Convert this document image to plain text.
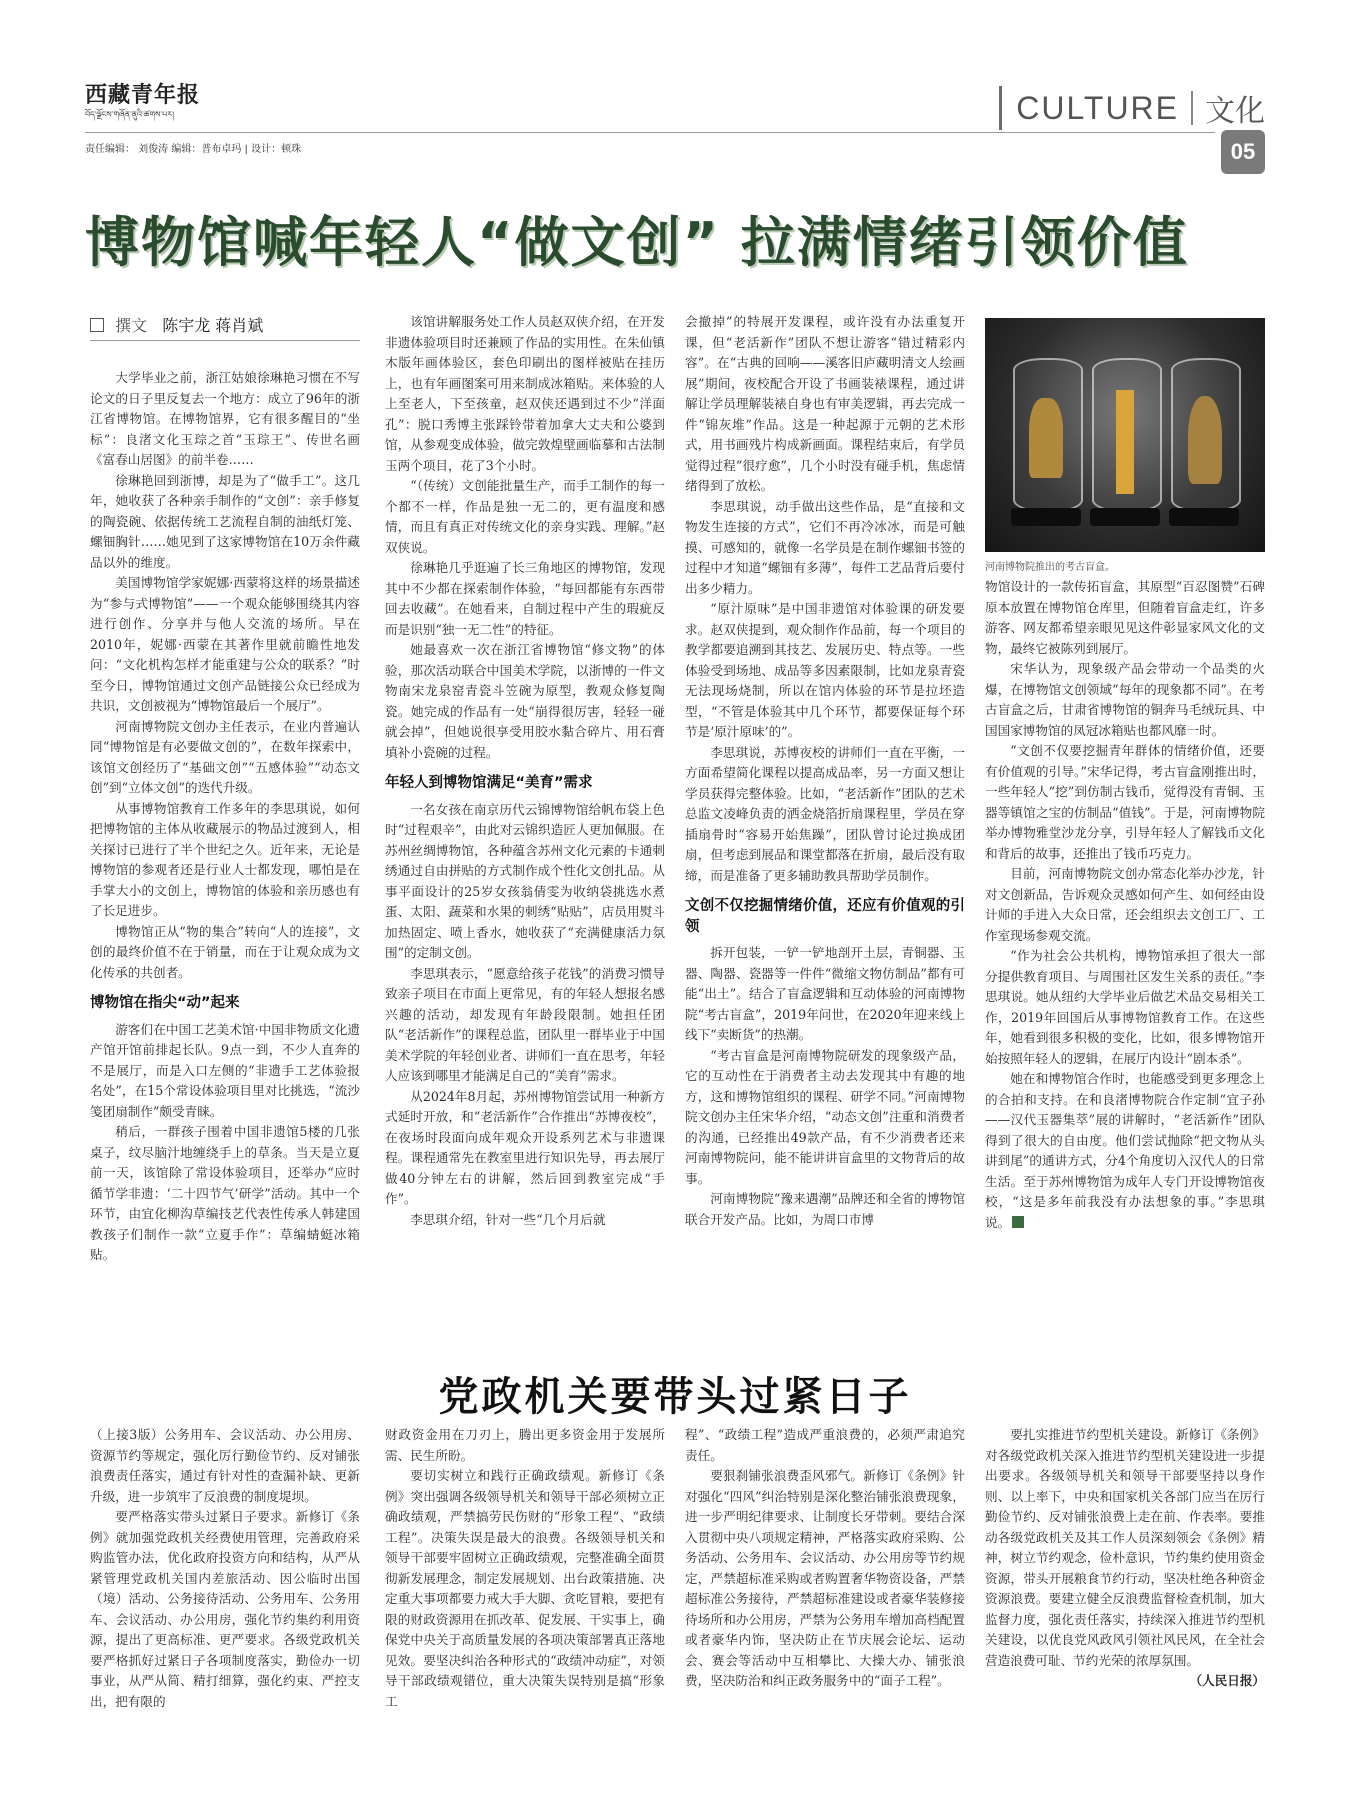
西藏青年报
བོད་ལྗོངས་གཞོན་ནུའི་ཚགས་པར།	CULTURE 文化
05
责任编辑： 刘俊涛 编辑：普布卓玛 | 设计：顿珠
博物馆喊年轻人“做文创” 拉满情绪引领价值
撰文 陈宇龙 蒋肖斌

大学毕业之前，浙江姑娘徐琳艳习惯在不写论文的日子里反复去一个地方：成立了96年的浙江省博物馆。在博物馆界，它有很多醒目的“坐标”：良渚文化玉琮之首“玉琮王”、传世名画《富春山居图》的前半卷……

徐琳艳回到浙博，却是为了“做手工”。这几年，她收获了各种亲手制作的“文创”：亲手修复的陶瓷碗、依据传统工艺流程自制的油纸灯笼、螺钿胸针……她见到了这家博物馆在10万余件藏品以外的维度。

美国博物馆学家妮娜·西蒙将这样的场景描述为“参与式博物馆”——一个观众能够围绕其内容进行创作、分享并与他人交流的场所。早在2010年，妮娜·西蒙在其著作里就前瞻性地发问：“文化机构怎样才能重建与公众的联系？”时至今日，博物馆通过文创产品链接公众已经成为共识，文创被视为“博物馆最后一个展厅”。

河南博物院文创办主任表示，在业内普遍认同“博物馆是有必要做文创的”，在数年探索中，该馆文创经历了“基础文创”“五感体验”“动态文创”到“立体文创”的迭代升级。

从事博物馆教育工作多年的李思琪说，如何把博物馆的主体从收藏展示的物品过渡到人，相关探讨已进行了半个世纪之久。近年来，无论是博物馆的参观者还是行业人士都发现，哪怕是在手掌大小的文创上，博物馆的体验和亲历感也有了长足进步。

博物馆正从“物的集合”转向“人的连接”，文创的最终价值不在于销量，而在于让观众成为文化传承的共创者。

博物馆在指尖“动”起来

游客们在中国工艺美术馆·中国非物质文化遗产馆开馆前排起长队。9点一到，不少人直奔的不是展厅，而是入口左侧的“非遗手工艺体验报名处”，在15个常设体验项目里对比挑选，“流沙笺团扇制作”颇受青睐。

稍后，一群孩子围着中国非遗馆5楼的几张桌子，纹尽脑汁地缠绕手上的草条。当天是立夏前一天，该馆除了常设体验项目，还举办“应时循节学非遗：‘二十四节气’研学”活动。其中一个环节，由宜化柳沟草编技艺代表性传承人韩建国教孩子们制作一款“立夏手作”：草编蜻蜓冰箱贴。

该馆讲解服务处工作人员赵双侠介绍，在开发非遗体验项目时还兼顾了作品的实用性。在朱仙镇木版年画体验区，套色印刷出的图样被贴在挂历上，也有年画图案可用来制成冰箱贴。来体验的人上至老人，下至孩童，赵双侠还遇到过不少“洋面孔”：脱口秀博主张踩铃带着加拿大丈夫和公婆到馆，从参观变成体验，做完敦煌壁画临摹和古法制玉两个项目，花了3个小时。

“（传统）文创能批量生产，而手工制作的每一个都不一样，作品是独一无二的，更有温度和感情，而且有真正对传统文化的亲身实践、理解。”赵双侠说。

徐琳艳几乎逛遍了长三角地区的博物馆，发现其中不少都在探索制作体验，“每回都能有东西带回去收藏”。在她看来，自制过程中产生的瑕疵反而是识别“独一无二性”的特征。

她最喜欢一次在浙江省博物馆“修文物”的体验，那次活动联合中国美术学院，以浙博的一件文物南宋龙泉窑青瓷斗笠碗为原型，教观众修复陶瓷。她完成的作品有一处“崩得很厉害，轻轻一碰就会掉”，但她说很享受用胶水黏合碎片、用石膏填补小瓷碗的过程。

年轻人到博物馆满足“美育”需求

一名女孩在南京历代云锦博物馆给帆布袋上色时“过程艰辛”，由此对云锦织造匠人更加佩服。在苏州丝绸博物馆，各种蕴含苏州文化元素的卡通刺绣通过自由拼贴的方式制作成个性化文创扎品。从事平面设计的25岁女孩翁倩雯为收纳袋挑选水煮蛋、太阳、蔬菜和水果的刺绣“贴贴”，店员用熨斗加热固定、喷上香水，她收获了“充满健康活力氛围”的定制文创。

李思琪表示，“愿意给孩子花钱”的消费习惯导致亲子项目在市面上更常见，有的年轻人想报名感兴趣的活动，却发现有年龄段限制。她担任团队“老活新作”的课程总监，团队里一群毕业于中国美术学院的年轻创业者、讲师们一直在思考，年轻人应该到哪里才能满足自己的“美育”需求。

从2024年8月起，苏州博物馆尝试用一种新方式延时开放，和“老活新作”合作推出“苏博夜校”，在夜场时段面向成年观众开设系列艺术与非遗课程。课程通常先在教室里进行知识先导，再去展厅做40分钟左右的讲解，然后回到教室完成“手作”。

李思琪介绍，针对一些“几个月后就

会撤掉”的特展开发课程，或许没有办法重复开课，但“老活新作”团队不想让游客“错过精彩内容”。在“古典的回响——溪客旧庐藏明清文人绘画展”期间，夜校配合开设了书画装裱课程，通过讲解让学员理解装裱自身也有审美逻辑，再去完成一件“锦灰堆”作品。这是一种起源于元朝的艺术形式，用书画残片构成新画面。课程结束后，有学员觉得过程“很疗愈”，几个小时没有碰手机，焦虑情绪得到了放松。

李思琪说，动手做出这些作品，是“直接和文物发生连接的方式”，它们不再冷冰冰，而是可触摸、可感知的，就像一名学员是在制作螺钿书签的过程中才知道“螺钿有多薄”，每件工艺品背后要付出多少精力。

“原汁原味”是中国非遗馆对体验课的研发要求。赵双侠提到，观众制作作品前，每一个项目的教学都要追溯到其技艺、发展历史、特点等。一些体验受到场地、成品等多因素限制，比如龙泉青瓷无法现场烧制，所以在馆内体验的环节是拉坯造型，“不管是体验其中几个环节，都要保证每个环节是‘原汁原味’的”。

李思琪说，苏博夜校的讲师们一直在平衡，一方面希望简化课程以提高成品率，另一方面又想让学员获得完整体验。比如，“老活新作”团队的艺术总监文凌峰负责的洒金烧箔折扇课程里，学员在穿插扇骨时“容易开始焦躁”，团队曾讨论过换成团扇，但考虑到展品和课堂都落在折扇，最后没有取缔，而是准备了更多辅助教具帮助学员制作。

文创不仅挖掘情绪价值，还应有价值观的引领

拆开包装，一铲一铲地剖开土层，青铜器、玉器、陶器、瓷器等一件件“微缩文物仿制品”都有可能“出土”。结合了盲盒逻辑和互动体验的河南博物院“考古盲盒”，2019年问世，在2020年迎来线上线下“卖断货”的热潮。

“考古盲盒是河南博物院研发的现象级产品，它的互动性在于消费者主动去发现其中有趣的地方，这和博物馆组织的课程、研学不同。”河南博物院文创办主任宋华介绍，“动态文创”注重和消费者的沟通，已经推出49款产品，有不少消费者还来河南博物院问，能不能讲讲盲盒里的文物背后的故事。

河南博物院“豫来遇潮”品牌还和全省的博物馆联合开发产品。比如，为周口市博

河南博物院推出的考古盲盒。

物馆设计的一款传拓盲盒，其原型“百忍图赞”石碑原本放置在博物馆仓库里，但随着盲盒走红，许多游客、网友都希望亲眼见见这件彰显家风文化的文物，最终它被陈列到展厅。

宋华认为，现象级产品会带动一个品类的火爆，在博物馆文创领域“每年的现象都不同”。在考古盲盒之后，甘肃省博物馆的铜奔马毛绒玩具、中国国家博物馆的凤冠冰箱贴也都风靡一时。

“文创不仅要挖掘青年群体的情绪价值，还要有价值观的引导。”宋华记得，考古盲盒刚推出时，一些年轻人“挖”到仿制古钱币，觉得没有青铜、玉器等镇馆之宝的仿制品“值钱”。于是，河南博物院举办博物雅堂沙龙分享，引导年轻人了解钱币文化和背后的故事，还推出了钱币巧克力。

目前，河南博物院文创办常态化举办沙龙，针对文创新品，告诉观众灵感如何产生、如何经由设计师的手进入大众日常，还会组织去文创工厂、工作室现场参观交流。

“作为社会公共机构，博物馆承担了很大一部分提供教育项目、与周围社区发生关系的责任。”李思琪说。她从纽约大学毕业后做艺术品交易相关工作，2019年回国后从事博物馆教育工作。在这些年，她看到很多积极的变化，比如，很多博物馆开始按照年轻人的逻辑，在展厅内设计“剧本杀”。

她在和博物馆合作时，也能感受到更多理念上的合拍和支持。在和良渚博物院合作定制“宜子孙——汉代玉器集萃”展的讲解时，“老活新作”团队得到了很大的自由度。他们尝试抛除“把文物从头讲到尾”的通讲方式，分4个角度切入汉代人的日常生活。至于苏州博物馆为成年人专门开设博物馆夜校，“这是多年前我没有办法想象的事。”李思琪说。

党政机关要带头过紧日子

（上接3版）公务用车、会议活动、办公用房、资源节约等规定，强化厉行勤俭节约、反对铺张浪费责任落实，通过有针对性的查漏补缺、更新升级，进一步筑牢了反浪费的制度堤坝。

要严格落实带头过紧日子要求。新修订《条例》就加强党政机关经费使用管理，完善政府采购监管办法，优化政府投资方向和结构，从严从紧管理党政机关国内差旅活动、因公临时出国（境）活动、公务接待活动、公务用车、公务用车、会议活动、办公用房，强化节约集约利用资源，提出了更高标准、更严要求。各级党政机关要严格抓好过紧日子各项制度落实，勤俭办一切事业，从严从简、精打细算，强化约束、严控支出，把有限的

财政资金用在刀刃上，腾出更多资金用于发展所需、民生所盼。

要切实树立和践行正确政绩观。新修订《条例》突出强调各级领导机关和领导干部必须树立正确政绩观，严禁搞劳民伤财的“形象工程”、“政绩工程”。决策失误是最大的浪费。各级领导机关和领导干部要牢固树立正确政绩观，完整准确全面贯彻新发展理念，制定发展规划、出台政策措施、决定重大事项都要力戒大手大脚、贪吃冒粮，要把有限的财政资源用在抓改革、促发展、干实事上，确保党中央关于高质量发展的各项决策部署真正落地见效。要坚决纠治各种形式的“政绩冲动症”，对领导干部政绩观错位，重大决策失误特别是搞“形象工

程”、“政绩工程”造成严重浪费的，必须严肃追究责任。

要狠刹铺张浪费歪风邪气。新修订《条例》针对强化“四风”纠治特别是深化整治铺张浪费现象，进一步严明纪律要求、让制度长牙带刺。要结合深入贯彻中央八项规定精神，严格落实政府采购、公务活动、公务用车、会议活动、办公用房等节约规定，严禁超标准采购或者购置奢华物资设备，严禁超标准公务接待，严禁超标准建设或者豪华装修接待场所和办公用房，严禁为公务用车增加高档配置或者豪华内饰，坚决防止在节庆展会论坛、运动会、赛会等活动中互相攀比、大操大办、铺张浪费，坚决防治和纠正政务服务中的“面子工程”。

要扎实推进节约型机关建设。新修订《条例》对各级党政机关深入推进节约型机关建设进一步提出要求。各级领导机关和领导干部要坚持以身作则、以上率下，中央和国家机关各部门应当在厉行勤俭节约、反对铺张浪费上走在前、作表率。要推动各级党政机关及其工作人员深刻领会《条例》精神，树立节约观念，俭朴意识，节约集约使用资金资源，带头开展粮食节约行动，坚决杜绝各种资金资源浪费。要建立健全反浪费监督检查机制，加大监督力度，强化责任落实，持续深入推进节约型机关建设，以优良党风政风引领社风民风，在全社会营造浪费可耻、节约光荣的浓厚氛围。

（人民日报）
